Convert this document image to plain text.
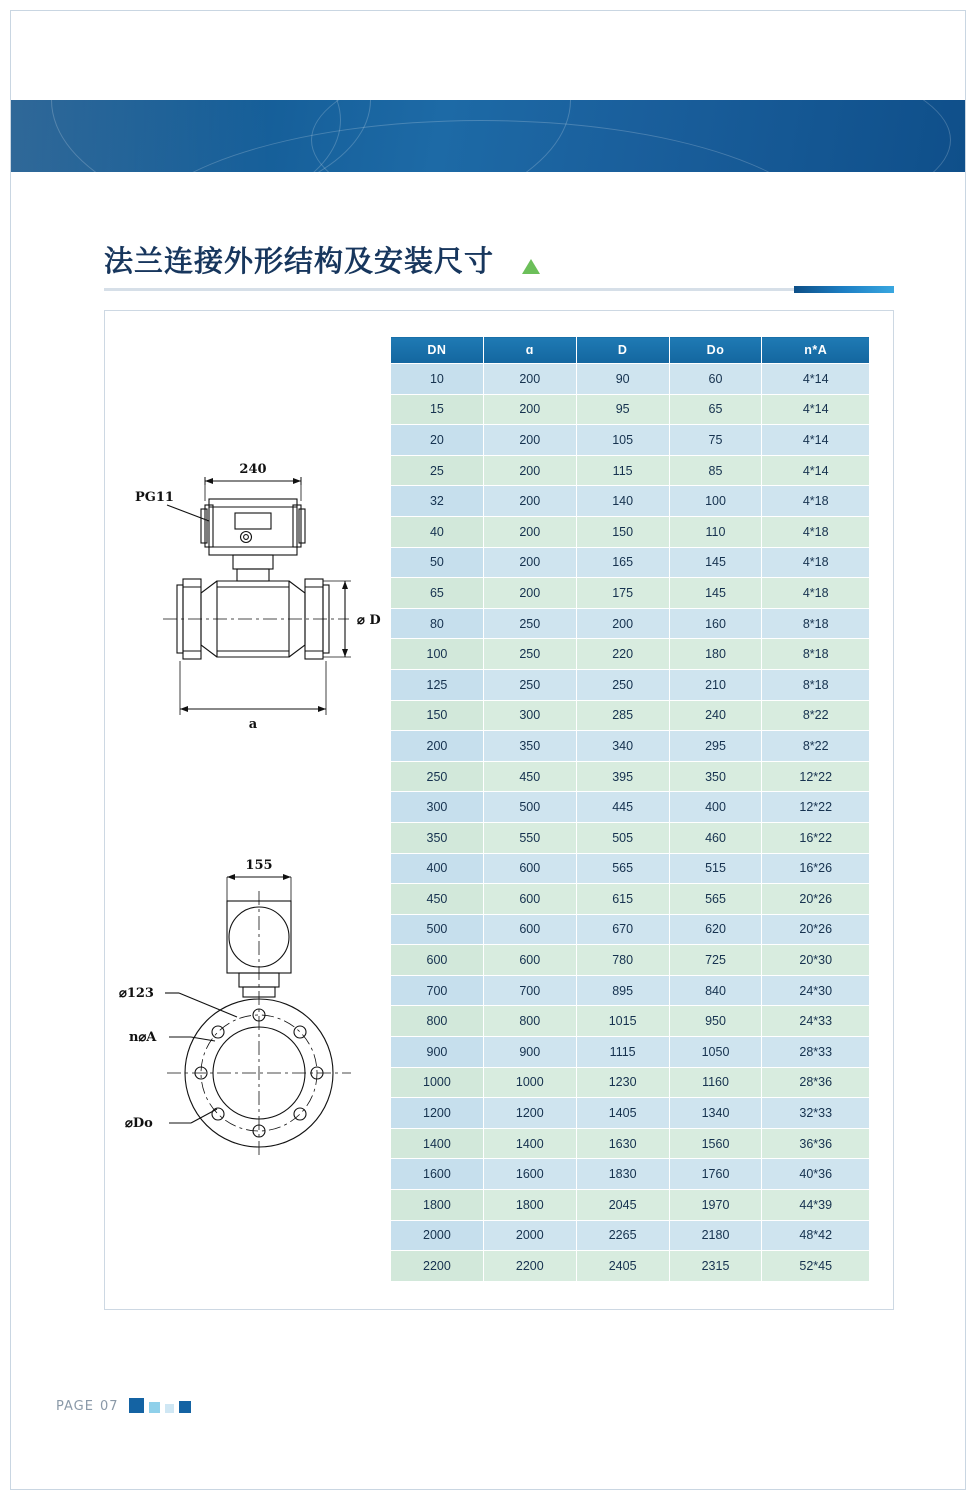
法兰连接外形结构及安装尺寸
240
PG11
⌀ D
a
155
⌀123
n⌀A
⌀Do
DN	ɑ	D	Do	n*A
10	200	90	60	4*14
15	200	95	65	4*14
20	200	105	75	4*14
25	200	115	85	4*14
32	200	140	100	4*18
40	200	150	110	4*18
50	200	165	145	4*18
65	200	175	145	4*18
80	250	200	160	8*18
100	250	220	180	8*18
125	250	250	210	8*18
150	300	285	240	8*22
200	350	340	295	8*22
250	450	395	350	12*22
300	500	445	400	12*22
350	550	505	460	16*22
400	600	565	515	16*26
450	600	615	565	20*26
500	600	670	620	20*26
600	600	780	725	20*30
700	700	895	840	24*30
800	800	1015	950	24*33
900	900	1115	1050	28*33
1000	1000	1230	1160	28*36
1200	1200	1405	1340	32*33
1400	1400	1630	1560	36*36
1600	1600	1830	1760	40*36
1800	1800	2045	1970	44*39
2000	2000	2265	2180	48*42
2200	2200	2405	2315	52*45
PAGE 07
